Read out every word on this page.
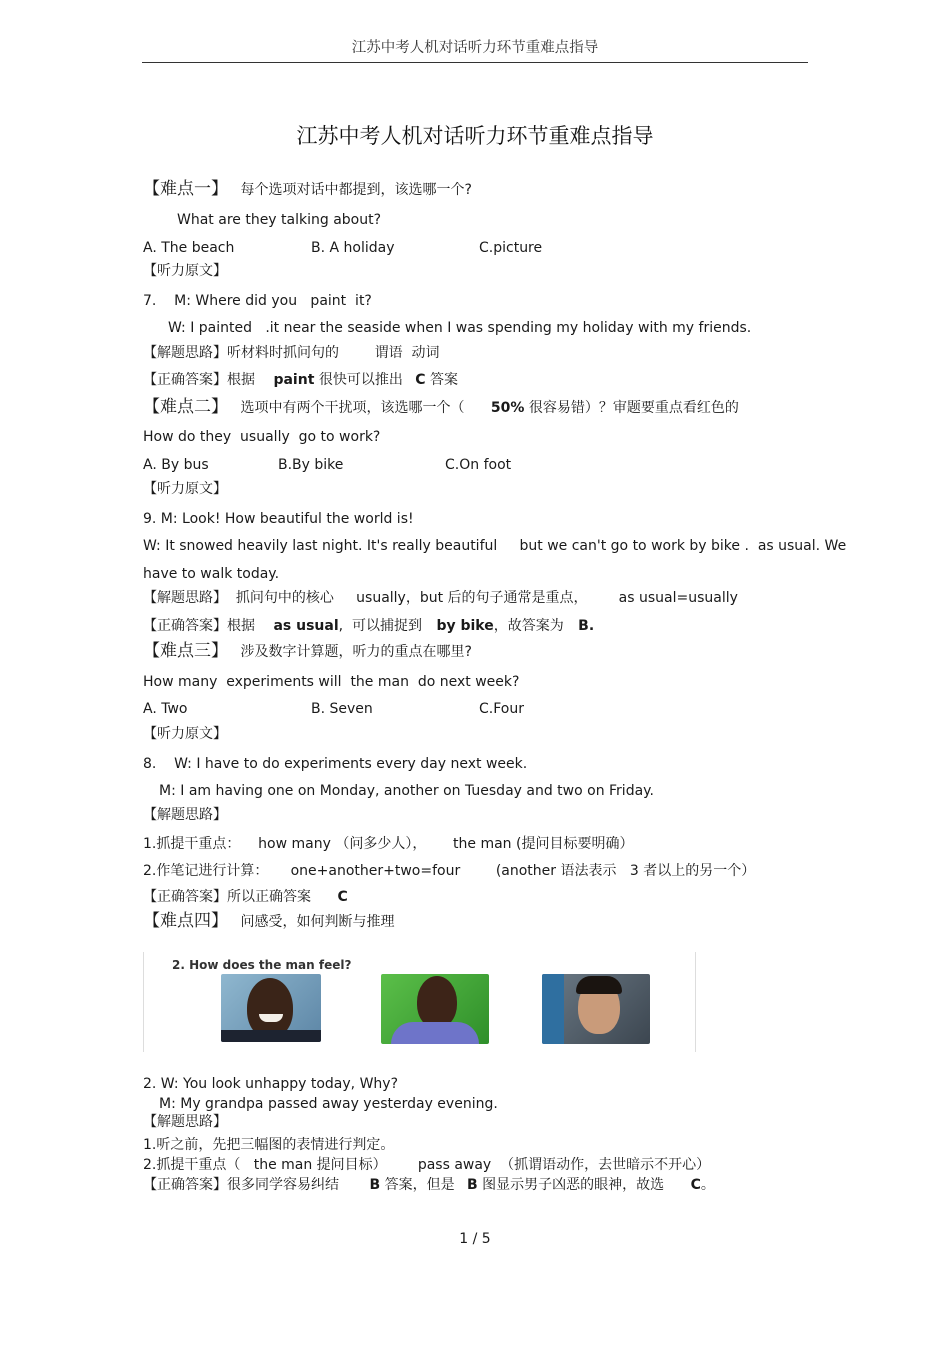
江苏中考人机对话听力环节重难点指导
江苏中考人机对话听力环节重难点指导
【难点一】 每个选项对话中都提到，该选哪一个?
What are they talking about?
A. The beach	B. A holiday	C.picture
【听力原文】
7.    M: Where did you   paint  it?
W: I painted   .it near the seaside when I was spending my holiday with my friends.
【解题思路】听材料时抓问句的        谓语  动词
【正确答案】根据 paint 很快可以推出 C 答案
【难点二】 选项中有两个干扰项，该选哪一个（ 50% 很容易错）？审题要重点看红色的
How do they  usually  go to work?
A. By bus	B.By bike	C.On foot
【听力原文】
9. M: Look! How beautiful the world is!
W: It snowed heavily last night. It's really beautiful     but we can't go to work by bike .  as usual. We
have to walk today.
【解题思路】  抓问句中的核心     usually，but 后的句子通常是重点，       as usual=usually
【正确答案】根据 as usual,  可以捕捉到 by bike，故答案为 B.
【难点三】 涉及数字计算题，听力的重点在哪里?
How many  experiments will  the man  do next week?
A. Two	B. Seven	C.Four
【听力原文】
8.    W: I have to do experiments every day next week.
M: I am having one on Monday, another on Tuesday and two on Friday.
【解题思路】
1.抓提干重点：    how many （问多少人），      the man (提问目标要明确）
2.作笔记进行计算：     one+another+two=four        (another 语法表示   3 者以上的另一个）
【正确答案】所以正确答案 C
【难点四】 问感受，如何判断与推理
2. How does the man feel?
2. W: You look unhappy today, Why?
M: My grandpa passed away yesterday evening.
【解题思路】
1.听之前，先把三幅图的表情进行判定。
2.抓提干重点（   the man 提问目标）       pass away  （抓谓语动作，去世暗示不开心）
【正确答案】很多同学容易纠结 B 答案，但是 B 图显示男子凶恶的眼神，故选 C。
1 / 5
